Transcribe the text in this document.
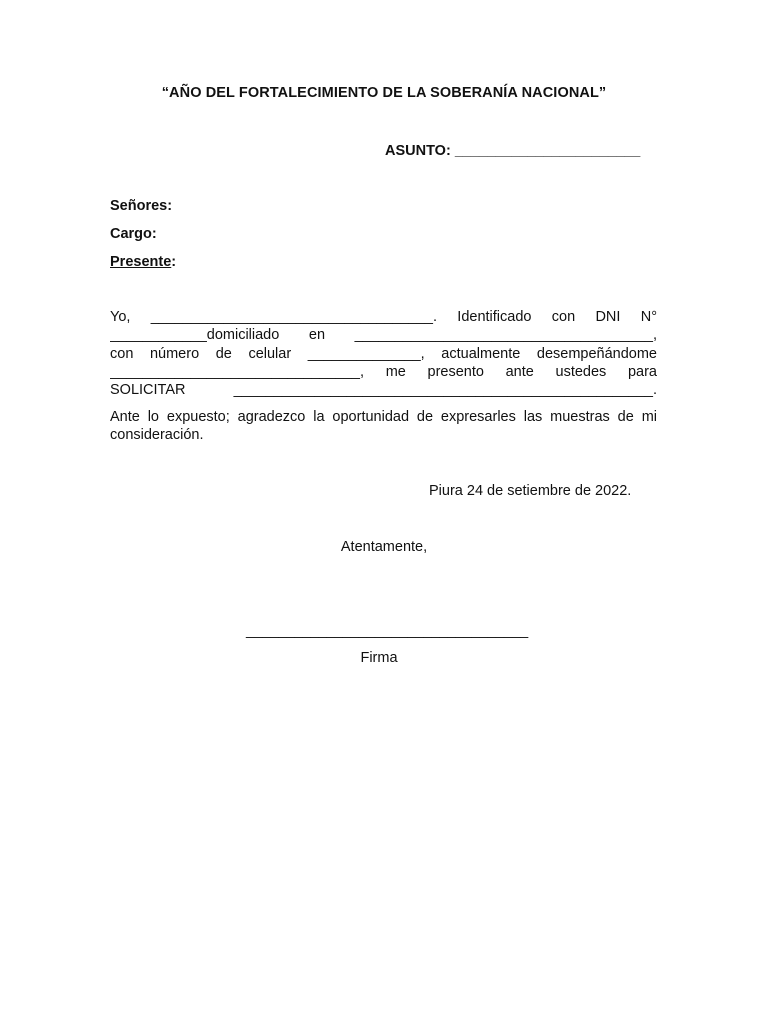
“AÑO DEL FORTALECIMIENTO DE LA SOBERANÍA NACIONAL”
ASUNTO: _______________________
Señores:
Cargo:
Presente:
Yo, ___________________________________. Identificado con DNI N°
____________domiciliado en _____________________________________,
con número de celular ______________, actualmente desempeñándome
_______________________________, me presento ante ustedes para
SOLICITAR ____________________________________________________.
Ante lo expuesto; agradezco la oportunidad de expresarles las muestras de mi consideración.
Piura 24 de setiembre de 2022.
Atentamente,
___________________________________
Firma
